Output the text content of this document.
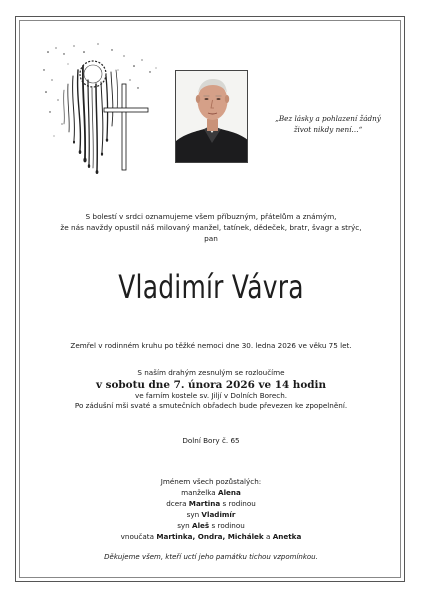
„Bez lásky a pohlazení žádný
život nikdy není…“
S bolestí v srdci oznamujeme všem příbuzným, přátelům a známým,
že nás navždy opustil náš milovaný manžel, tatínek, dědeček, bratr, švagr a strýc,
pan
Vladimír Vávra
Zemřel v rodinném kruhu po těžké nemoci dne 30. ledna 2026 ve věku 75 let.
S naším drahým zesnulým se rozloučíme
v sobotu dne 7. února 2026 ve 14 hodin
ve farním kostele sv. Jiljí v Dolních Borech.
Po zádušní mši svaté a smutečních obřadech bude převezen ke zpopelnění.
Dolní Bory č. 65
Jménem všech pozůstalých:
manželka Alena
dcera Martina s rodinou
syn Vladimír
syn Aleš s rodinou
vnoučata Martinka, Ondra, Michálek a Anetka
Děkujeme všem, kteří uctí jeho památku tichou vzpomínkou.
